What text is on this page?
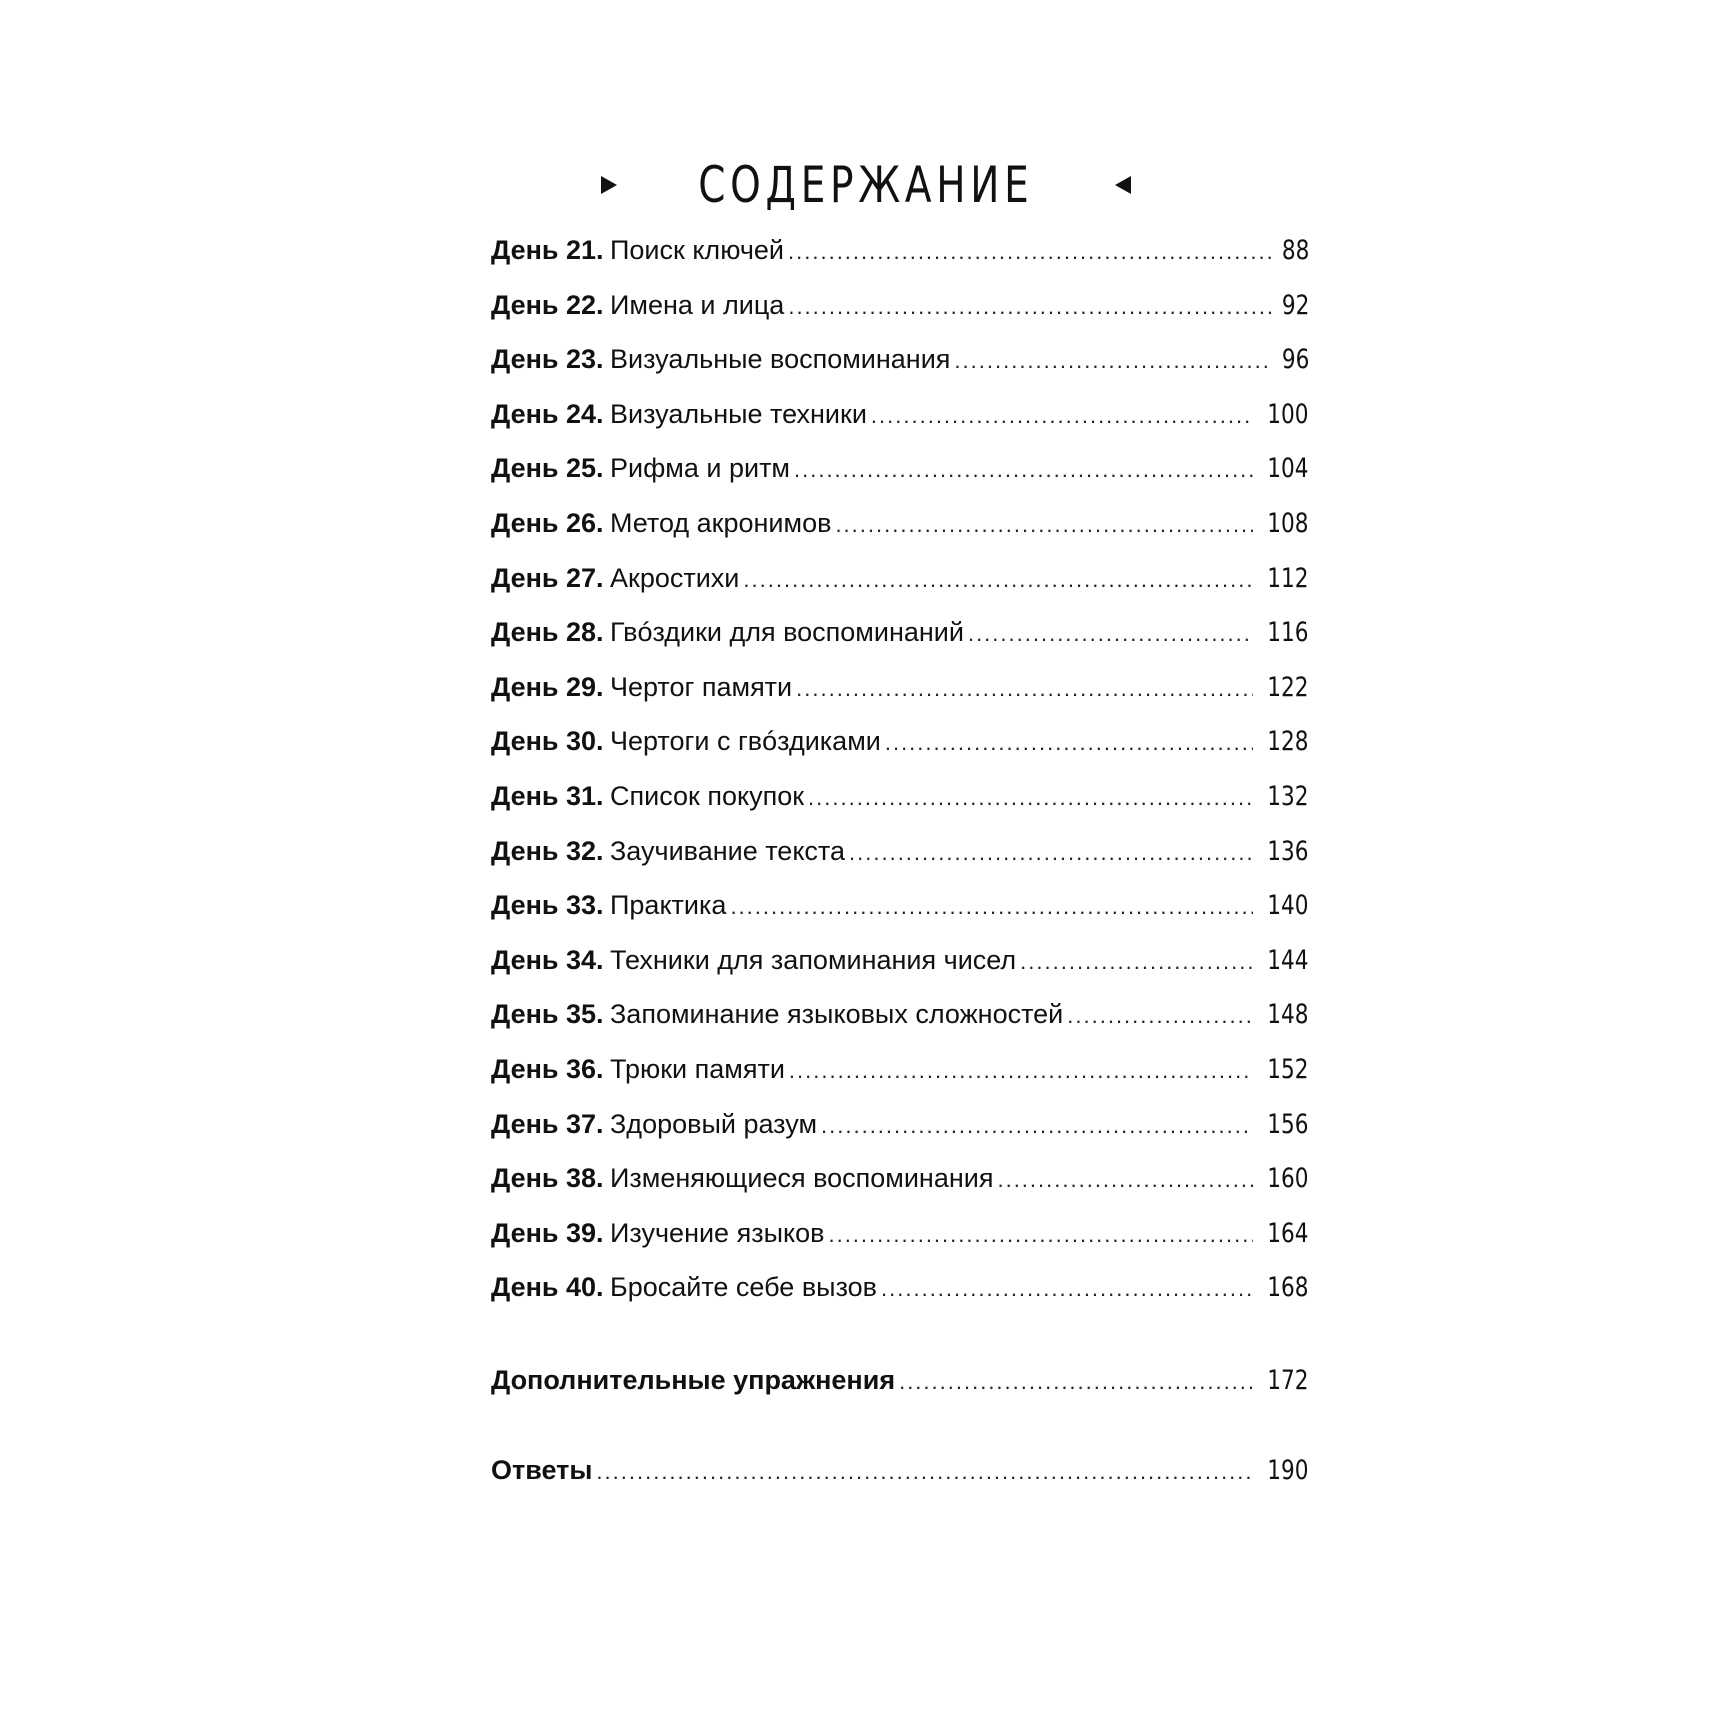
СОДЕРЖАНИЕ
День 21. Поиск ключей .....	88
День 22. Имена и лица .....	92
День 23. Визуальные воспоминания .....	96
День 24. Визуальные техники .....	100
День 25. Рифма и ритм .....	104
День 26. Метод акронимов .....	108
День 27. Акростихи .....	112
День 28. Гвóздики для воспоминаний .....	116
День 29. Чертог памяти .....	122
День 30. Чертоги с гвóздиками .....	128
День 31. Список покупок .....	132
День 32. Заучивание текста .....	136
День 33. Практика .....	140
День 34. Техники для запоминания чисел .....	144
День 35. Запоминание языковых сложностей .....	148
День 36. Трюки памяти .....	152
День 37. Здоровый разум .....	156
День 38. Изменяющиеся воспоминания .....	160
День 39. Изучение языков .....	164
День 40. Бросайте себе вызов .....	168
Дополнительные упражнения .....	172
Ответы .....	190
